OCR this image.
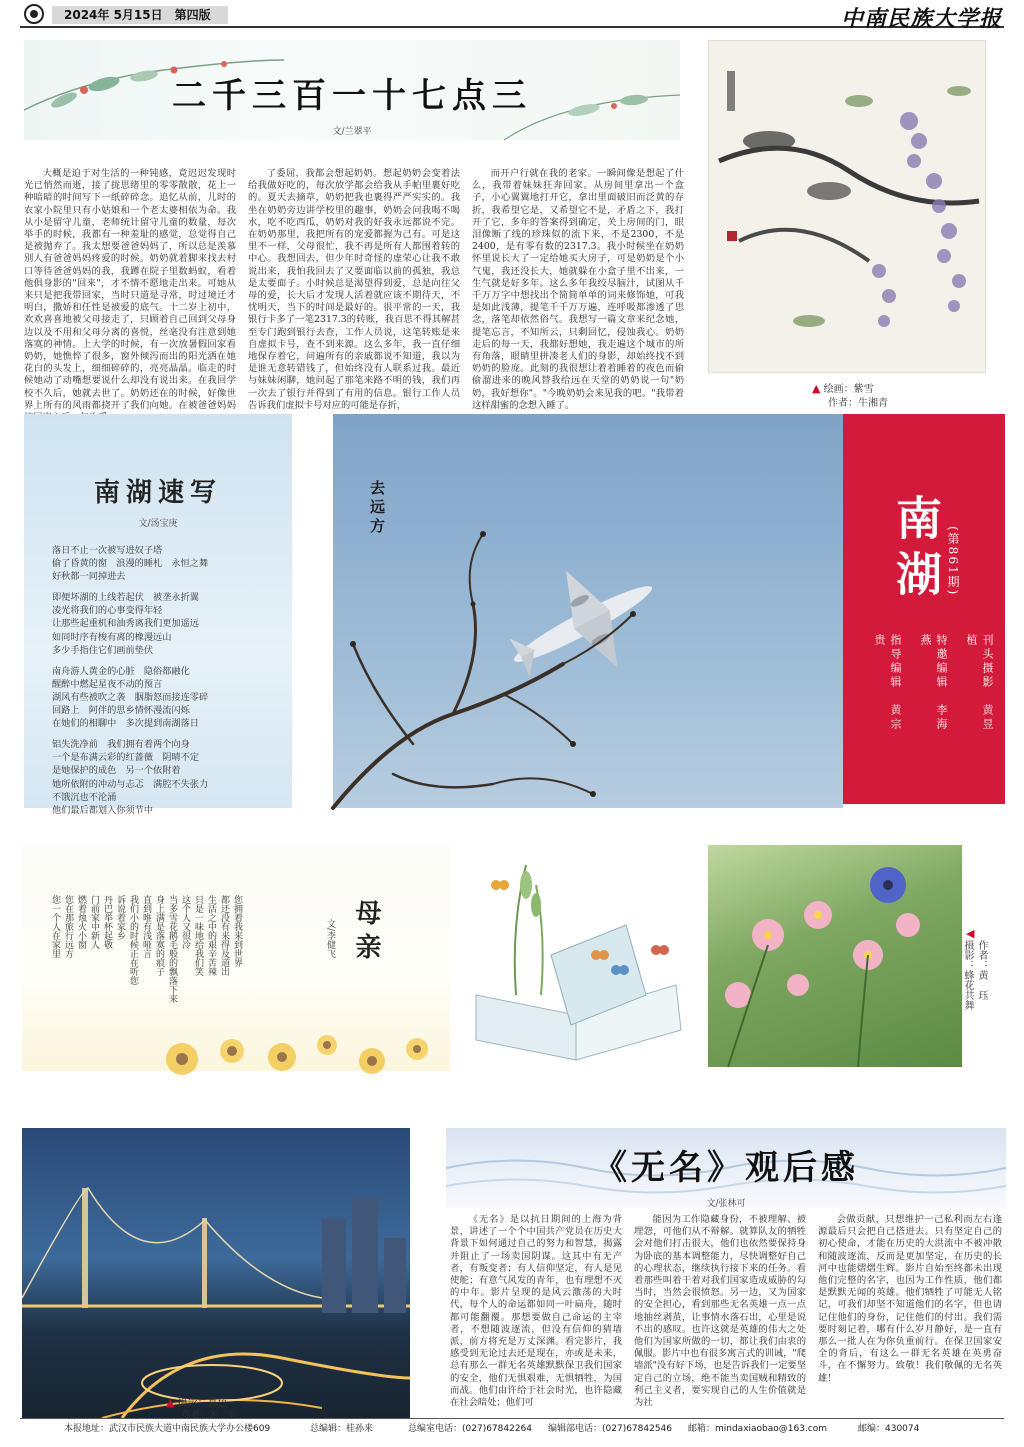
2024年 5月15日　第四版	中南民族大学报
二千三百一十七点三
文/兰翠平

大概是迫于对生活的一种钝感，竟迟迟发现时光已悄然而逝，接了拢思绪里的零零散散，花上一种暗暗的时间写下一纸碎碎念。追忆从前，儿时的农家小院里只有小姑娘和一个老太婆相依为命。我从小是留守儿童，老师统计留守儿童的数量，每次举手的时候，我都有一种羞耻的感觉，总觉得自己是被抛弃了。我太想要爸爸妈妈了，所以总是羡慕别人有爸爸妈妈疼爱的时候。奶奶就着脚来找去村口等待爸爸妈妈的我，我蹲在院子里数蚂蚁，看着他俱身影的"回来"，才不情不愿地走出来。可她从来只是把我带回家，当时只道是寻常，时过境迁才明白，撒娇和任性是被爱的底气。十二岁上初中，欢欢喜喜地被父母接走了，只顾着自己回到父母身边以及不用和父母分离的喜悦，丝毫没有注意到她落寞的神情。上大学的时候，有一次放暑假回家看奶奶，她憔悴了很多，窗外倾泻而出的阳光洒在她花白的头发上，细细碎碎的，亮亮晶晶。临走的时候她动了动嘴想要说什么却没有说出来。在我回学校不久后，她就去世了。奶奶还在的时候，好像世界上所有的风雨都挠开了我们向她。在被爸爸妈妈

了委屈，我都会想起奶奶。想起奶奶会变着法给我做好吃的，每次放学都会给我从手帕里裹好吃的。夏天去摘草，奶奶把我也裹得严严实实的。我坐在奶奶旁边讲学校里的趣事，奶奶会问我喝不喝水，吃不吃西瓜，奶奶对我的好我永远都说不完。在奶奶那里，我把所有的宠爱都握为己有。可是这里不一样，父母很忙，我不再是所有人都围着转的中心。我想回去，但少年时奇怪的虚荣心让我不敢说出来，我怕我回去了又要面临以前的孤独，我总是太要面子。小时候总是渴望得到爱，总是向往父母的爱，长大后才发现人活着就应该不期待天，不忧明天，当下的时间是最好的。很平常的一天，我银行卡多了一笔2317.3的转账，我百思不得其解甚至专门跑到银行去查，工作人员说，这笔转账是来自虚拟卡号，查不到来源。这么多年，我一直仔细地保存着它，问遍所有的亲戚都说不知道，我以为是谁无意转错钱了，但始终没有人联系过我。最近与妹妹闲聊，她问起了那笔来路不明的钱，我们再一次去了银行并得到了有用的信息。银行工作人员告诉我们虚拟卡号对应的可能是存折，

而开户行就在我的老家。一瞬间像是想起了什么，我带着妹妹狂奔回家。从房间里拿出一个盒子，小心翼翼地打开它，拿出里面破旧而泛黄的存折，我希望它是，又希望它不是，矛盾之下，我打开了它，多年的答案得到确定，关上房间的门，眼泪像断了线的珍珠似的流下来，不是2300，不是2400，是有零有数的2317.3。我小时候坐在奶奶怀里说长大了一定给她买大房子，可是奶奶是个小气鬼，我还没长大，她就躲在小盒子里不出来，一生气就是好多年。这么多年我绞尽脑汁，试图从千千万万字中想找出个简简单单的词来修饰她，可我是如此浅薄，提笔千千万万遍，连呼吸都渗透了思念，落笔却依然俗气。我想写一篇文章来纪念她，提笔忘言，不知所云，只剩回忆，侵蚀我心。奶奶走后的每一天，我都好想她，我走遍这个城市的所有角落，眼睛里拼凑老人们的身影，却始终找不到奶奶的脸庞。此刻的我很想让着着睡着的夜色而偷偷溜进来的晚风替我给远在天堂的奶奶说一句"奶奶，我好想你"。"今晚奶奶会来见我的吧。"我带着这样甜蜜的念想入睡了。

▲ 绘画：紫雪
作者：牛湘青
南湖速写
文/汤宝庚
落日不止一次被写进奴子塔
偷了昏黄的窗　浪漫的睡札　永恒之舞
好秋都一同掉进去
即便坏湖的上线若起伏　被垄永折翼
凌光将我们的心事变得年轻
让那些起重机和油秀离我们更加遥远
如同时序有梭有离的橡漫远山
多少手指住它们画前垫伏
南舟游人黄金的心脏　隐俗都融化
醒醉中燃起星夜不动的预言
湖风有些被吹之袭　胭脂怒而接连零碎
回路上　阿伴的思乡情怀漫流闪烁
在她们的相聊中　多次提到南湖落日
铝失洗净前　我们拥有着两个向身
一个是布满云彩的红蔷薇　阴晴不定
是她保护的成色　另一个依附着
她所依附的冲动与忐忑　满腔不失张力
不饿沉也不沦涌
他们最后都划入你须节中
去远方	南湖 (第861期)
刊头摄影　黄昱植
特邀编辑　李海燕
指导编辑　黄宗贵
母亲
文/李健飞
您拥着我来到世界
都还没有来得及道出
生活之中的艰辛苦辣
只是一味地给我们笑
这个人又很冷
当多雪花鹅毛般的飘落下来
身上满是落寞的痕子
直到唯有浅哑言
我们小的时候正在听您
诉说着家乡
丹巴举杯起敬
门前家中新人
燃着烛火小窗
您在那旅行远方
您一个人在家里	◀
作者：黄　珏
摄影：蜂花共舞
▲ 摄影：暮色
作者：米　乐
《无名》观后感
文/张林可

《无名》是以抗日期间的上海为背景，讲述了一个个中国共产党员在历史大背景下如何通过自己的努力和智慧，揭露并阻止了一场卖国阴谋。这其中有无产者，有叛变者；有人信仰坚定，有人是见使舵；有意气风发的青年，也有理想不灭的中年。影片呈现的是风云激荡的大时代，每个人的命运都如同一叶扁舟，随时都可能翻覆。那想要做自己命运的主宰者，不想随波逐流，但没有信仰的猜墙派，前方将充是万丈深渊。看完影片，我感受到无论过去还是现在，亦或是未来，总有那么一群无名英雄默默保卫我们国家的安全，他们无惧艰难，无惧牺牲，为国而战。他们由许给于社会时光，也许隐藏在社会暗处；他们可

能因为工作隐藏身份，不被理解、被埋怨，可他们从不辩解。就算队友的牺牲会对他们打击很大，他们也依然要保持身为卧底的基本调整能力，尽快调整好自己的心理状态，继续执行接下来的任务。看着那些叫着干着对我们国家造成威胁的勾当时，当然会很愤怒。另一边，又为国家的安全担心，看到那些无名英雄一点一点地抽丝剥茧，让事情水落石出，心里是说不出的感叹。也许这就是英雄的伟大之处他们为国家所做的一切，都让我们由衷的佩服。影片中也有很多寓言式的训诫，"爬墙派"没有好下场，也是告诉我们一定要坚定自己的立场，绝不能当卖国贼和精致的利己主义者，要实现自己的人生价值就是为社

会做贡献，只想维护一己私利而左右逢源最后只会把自己搭进去。只有坚定自己的初心使命，才能在历史的大洪流中不被冲散和随波逐流，反而是更加坚定，在历史的长河中也能熠熠生辉。影片自始至终都未出现他们完整的名字，也因为工作性质，他们都是默默无闻的英雄。他们牺牲了可能无人铭记，可我们却坚不知道他们的名字，但也请记住他们的身份，记住他们的付出。我们需要时刻记着，哪有什么岁月静好，是一直有那么一批人在为你负重前行。在保卫国家安全的背后，有这么一群无名英雄在英勇奋斗，在不懈努力。致敬！我们敬佩的无名英雄！

本报地址：武汉市民族大道中南民族大学办公楼609	总编辑：桂孙来	总编室电话：(027)67842264 编辑部电话：(027)67842546 邮箱：mindaxiaobao@163.com	邮编：430074
